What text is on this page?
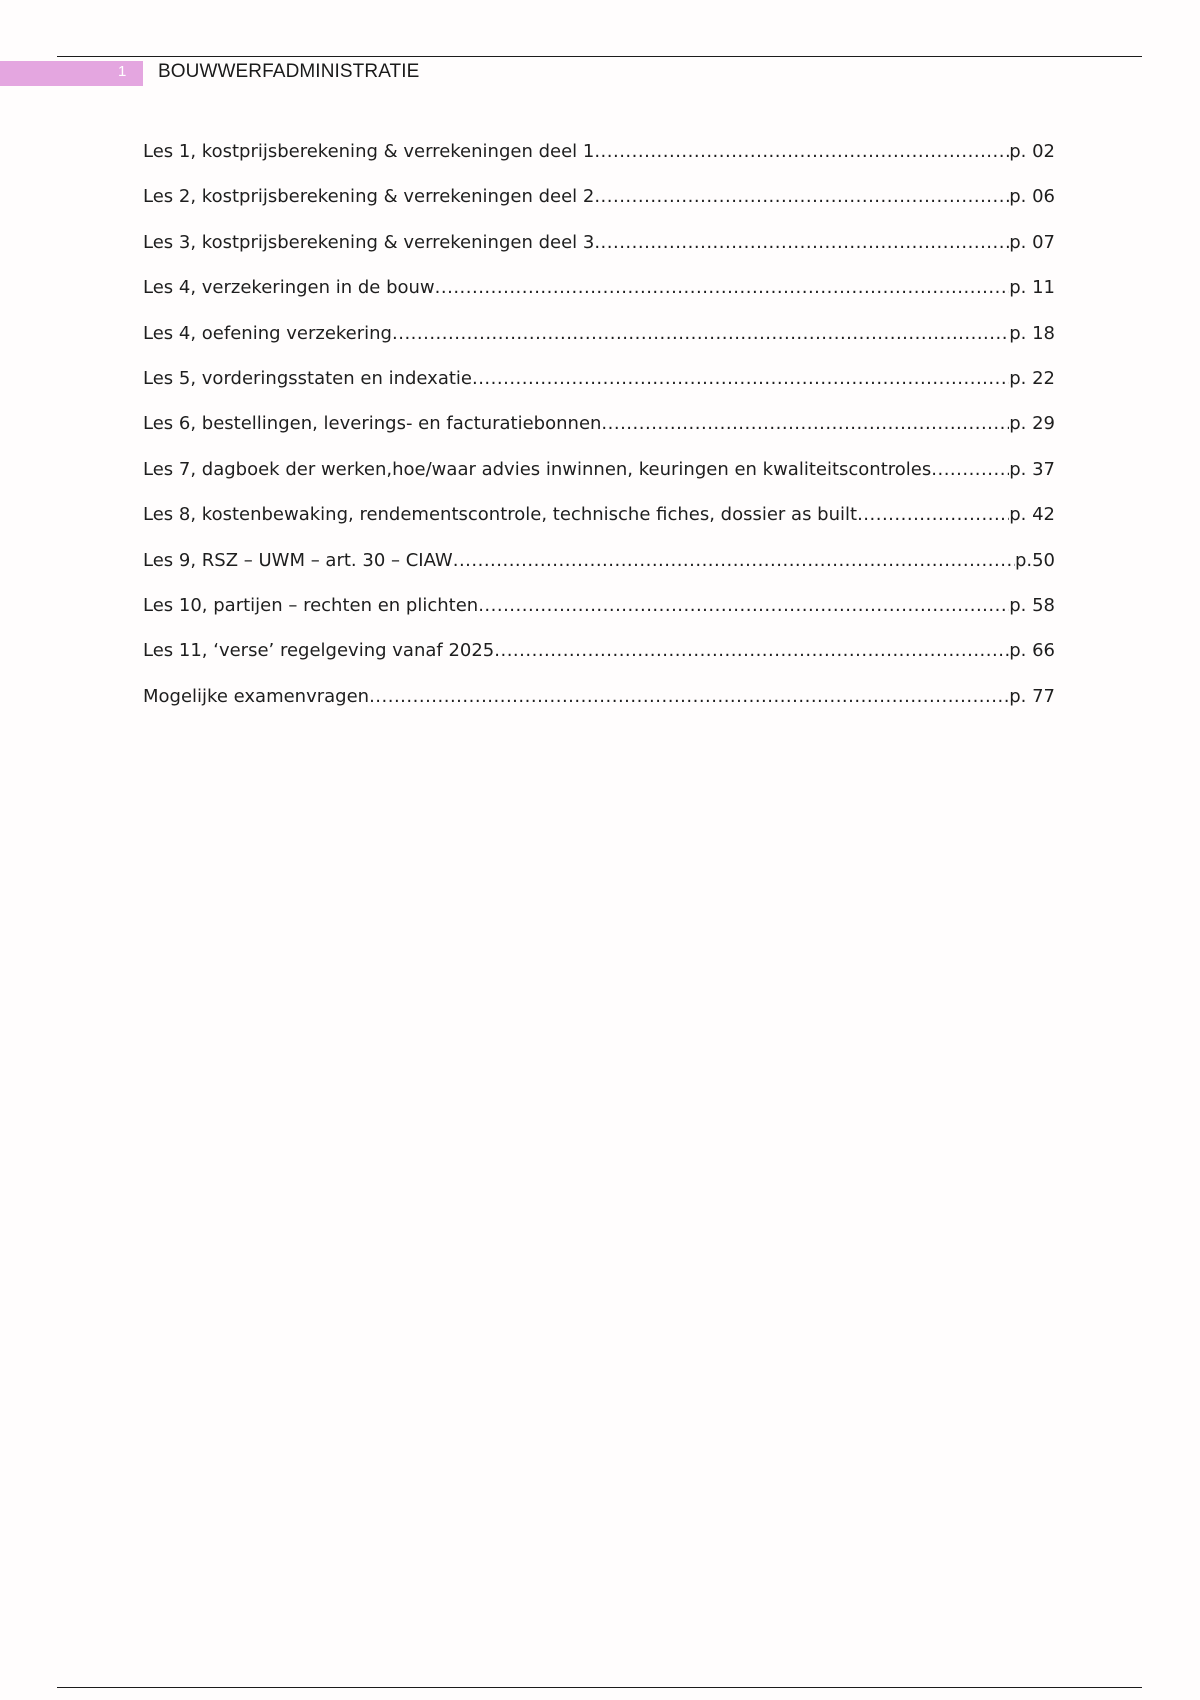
1 BOUWWERFADMINISTRATIE
Les 1, kostprijsberekening & verrekeningen deel 1 .....	p. 02
Les 2, kostprijsberekening & verrekeningen deel 2 .....	p. 06
Les 3, kostprijsberekening & verrekeningen deel 3 .....	p. 07
Les 4, verzekeringen in de bouw .....	p. 11
Les 4, oefening verzekering .....	p. 18
Les 5, vorderingsstaten en indexatie .....	p. 22
Les 6, bestellingen, leverings- en facturatiebonnen .....	p. 29
Les 7, dagboek der werken,hoe/waar advies inwinnen, keuringen en kwaliteitscontroles .....	p. 37
Les 8, kostenbewaking, rendementscontrole, technische fiches, dossier as built .....	p. 42
Les 9, RSZ – UWM – art. 30 – CIAW .....	p.50
Les 10, partijen – rechten en plichten .....	p. 58
Les 11, ‘verse’ regelgeving vanaf 2025 .....	p. 66
Mogelijke examenvragen .....	p. 77
